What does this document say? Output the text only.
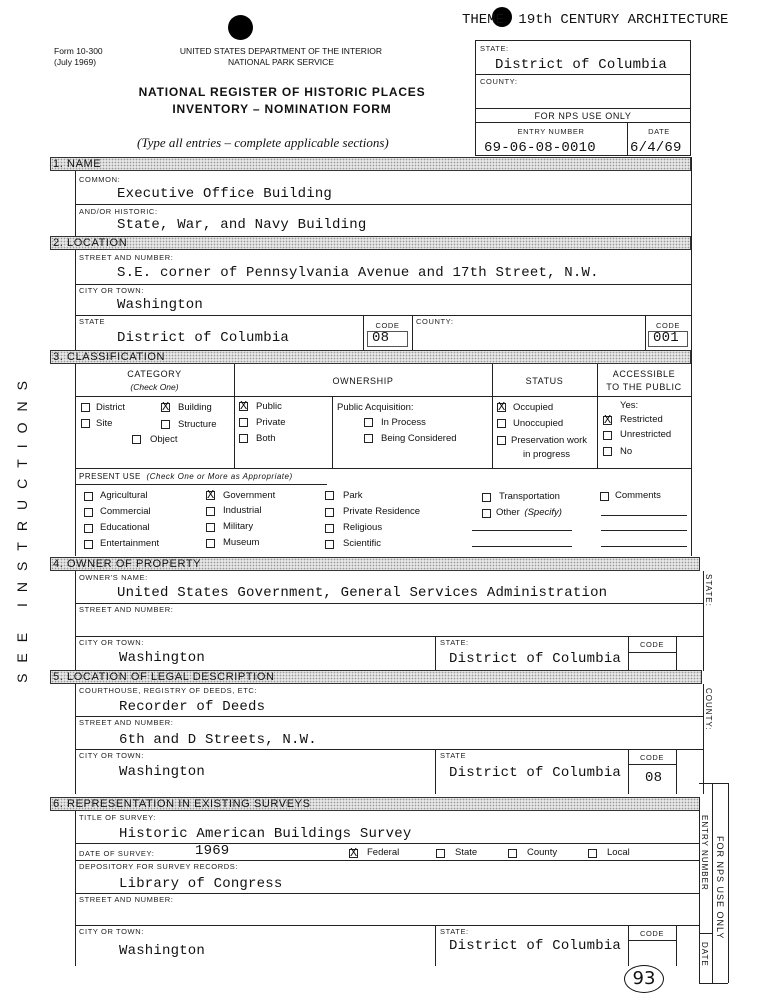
THEME 19th CENTURY ARCHITECTURE
Form 10-300
(July 1969)
UNITED STATES DEPARTMENT OF THE INTERIOR
NATIONAL PARK SERVICE
NATIONAL REGISTER OF HISTORIC PLACES
INVENTORY – NOMINATION FORM
(Type all entries – complete applicable sections)
STATE:
District of Columbia
COUNTY:
FOR NPS USE ONLY
ENTRY NUMBER	DATE
69-06-08-0010 6/4/69
SEE INSTRUCTIONS
1. NAME
COMMON:
Executive Office Building
AND/OR HISTORIC:
State, War, and Navy Building
2. LOCATION
STREET AND NUMBER:
S.E. corner of Pennsylvania Avenue and 17th Street, N.W.
CITY OR TOWN:
Washington
STATE
District of Columbia
CODE
08
COUNTY:	CODE
001
3. CLASSIFICATION
CATEGORY
(Check One)
OWNERSHIP	STATUS
ACCESSIBLE
TO THE PUBLIC
District	X Building
Site	Structure
Object
X Public
Private
Both
Public Acquisition:
In Process
Being Considered
X Occupied
Unoccupied
Preservation work
in progress
Yes:
X Restricted
Unrestricted
No
PRESENT USE (Check One or More as Appropriate)
Agricultural
Commercial
Educational
Entertainment
X Government
Industrial
Military
Museum
Park
Private Residence
Religious
Scientific
Transportation
Other (Specify)
Comments
4. OWNER OF PROPERTY
STATE:
OWNER'S NAME:
United States Government, General Services Administration
STREET AND NUMBER:
CITY OR TOWN:
Washington
STATE:
District of Columbia
CODE
5. LOCATION OF LEGAL DESCRIPTION
COUNTY:
COURTHOUSE, REGISTRY OF DEEDS, ETC:
Recorder of Deeds
STREET AND NUMBER:
6th and D Streets, N.W.
CITY OR TOWN:
Washington
STATE
District of Columbia
CODE
08
6. REPRESENTATION IN EXISTING SURVEYS
ENTRY NUMBER FOR NPS USE ONLY
DATE
TITLE OF SURVEY:
Historic American Buildings Survey
DATE OF SURVEY:	1969	X Federal	State	County	Local
DEPOSITORY FOR SURVEY RECORDS:
Library of Congress
STREET AND NUMBER:
CITY OR TOWN:
Washington
STATE:
District of Columbia
CODE
93
